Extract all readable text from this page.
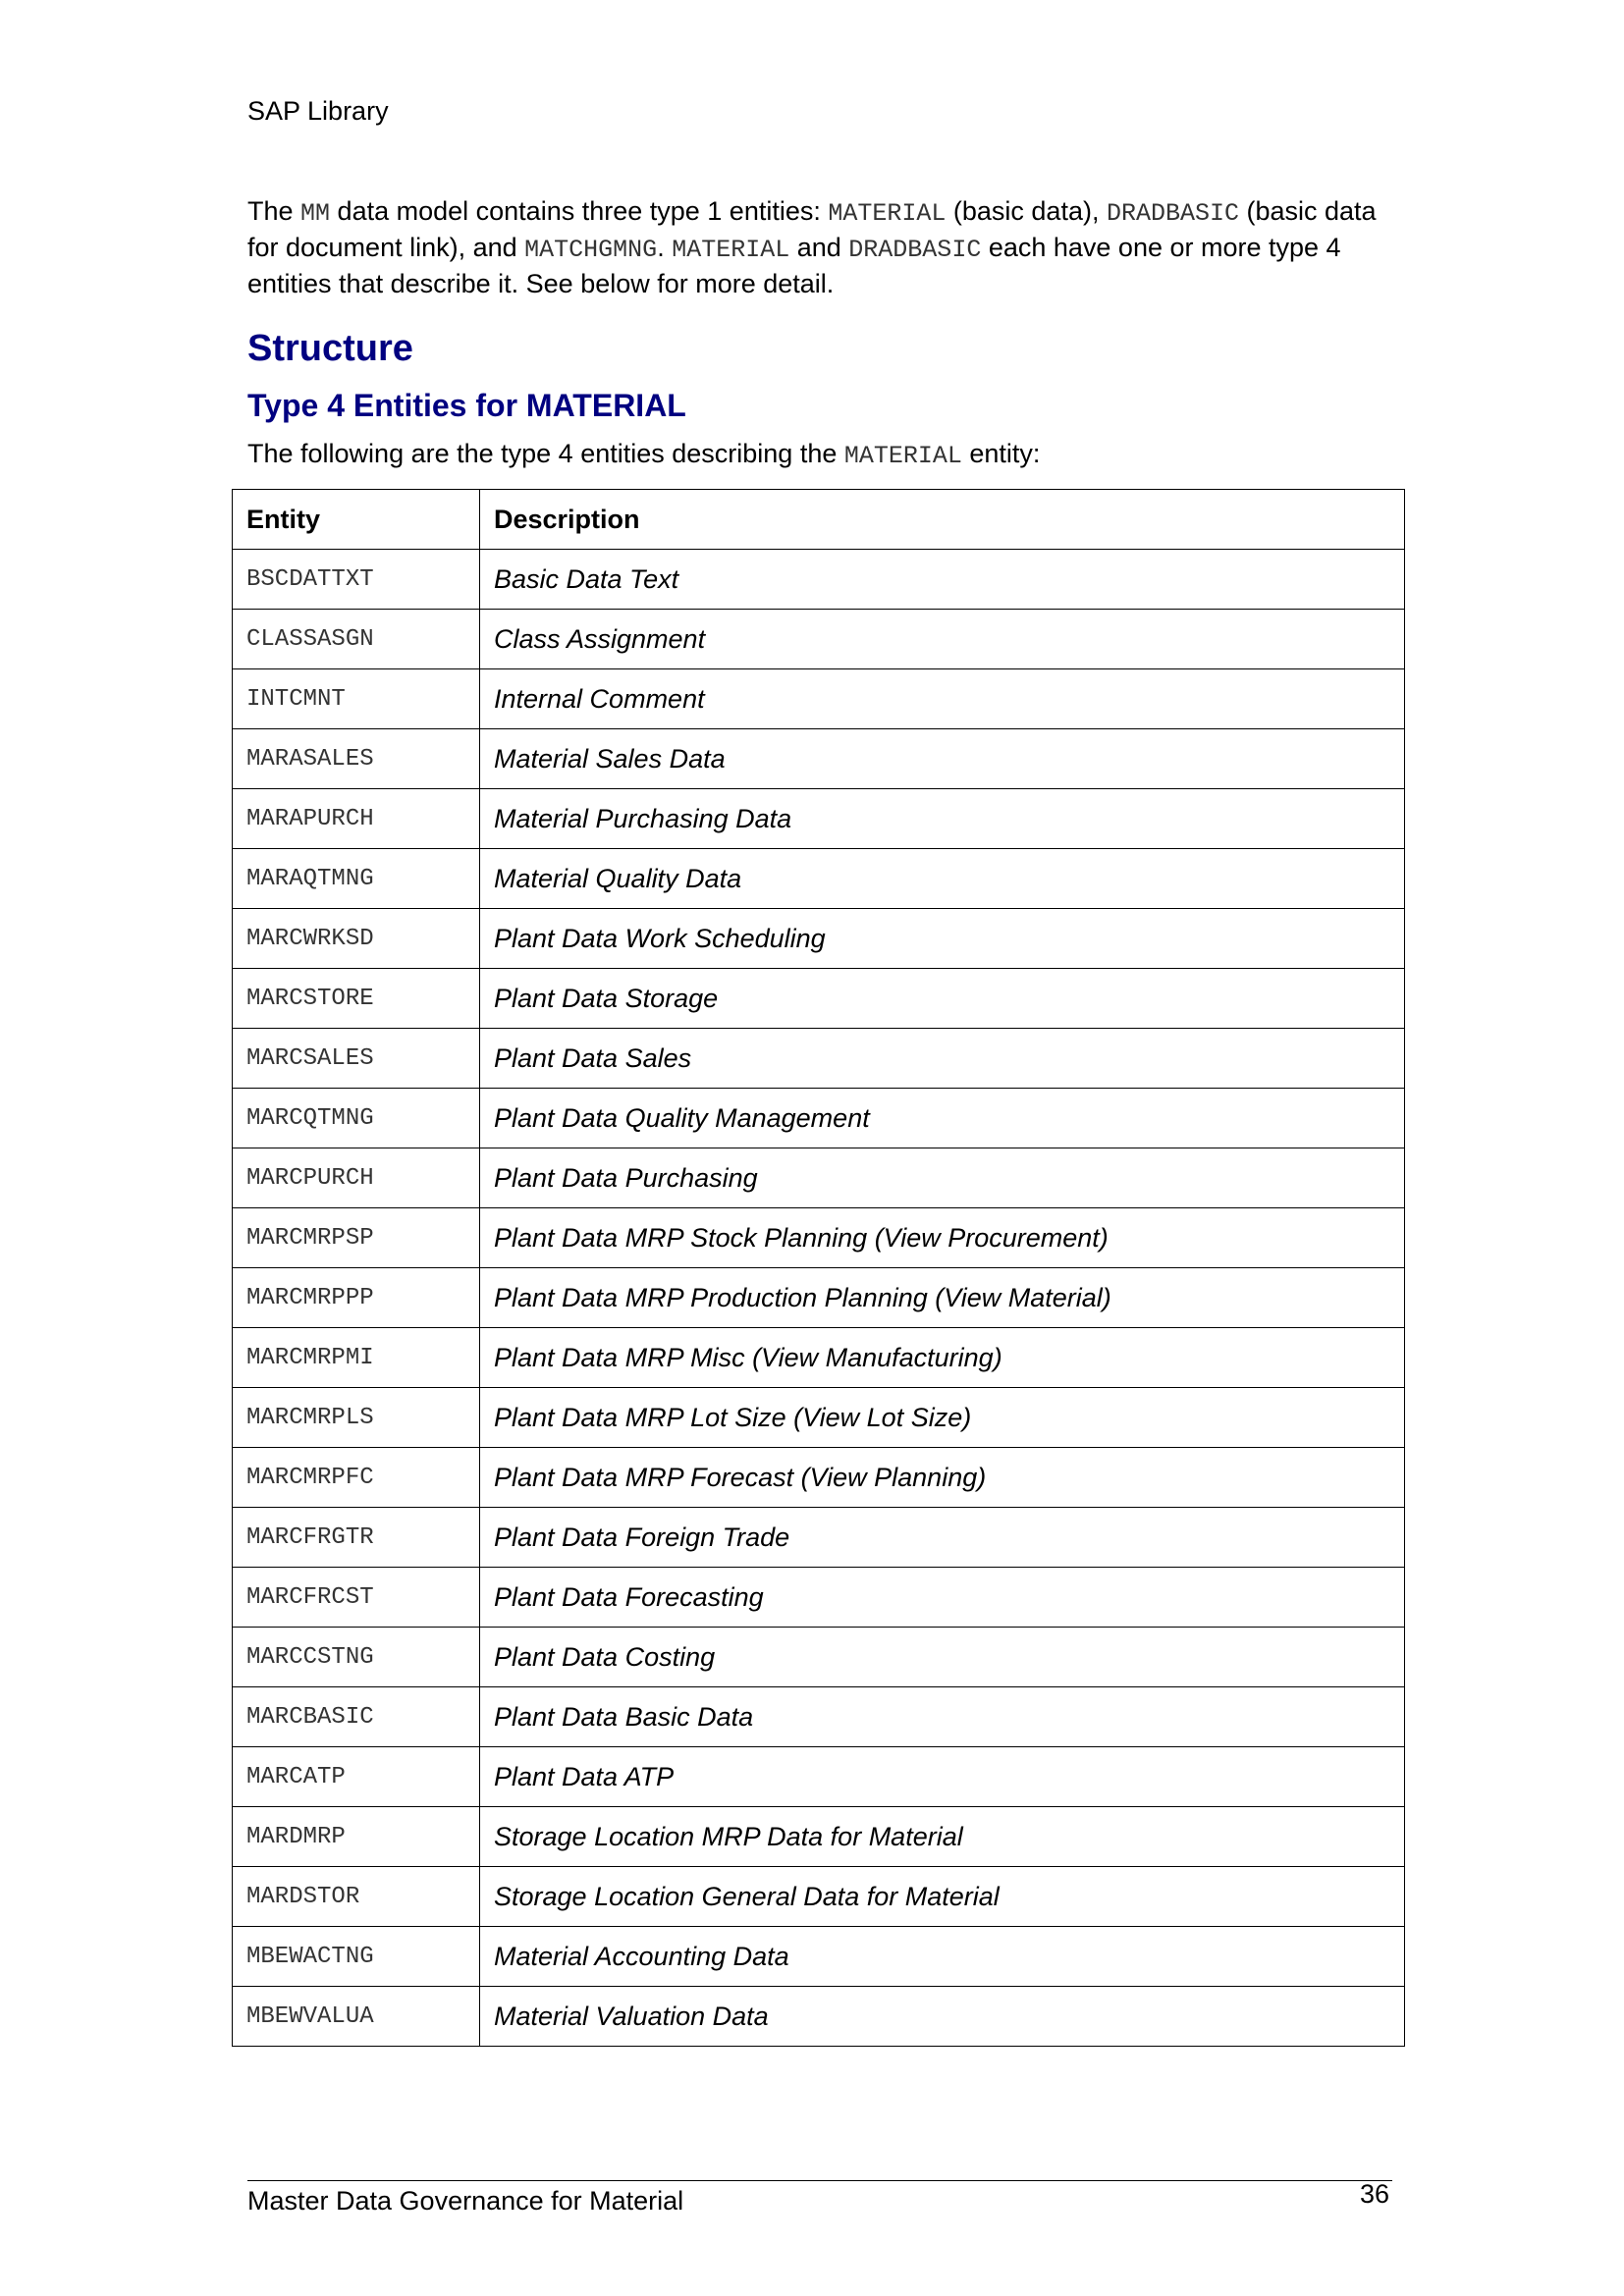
SAP Library
The MM data model contains three type 1 entities: MATERIAL (basic data), DRADBASIC (basic data for document link), and MATCHGMNG. MATERIAL and DRADBASIC each have one or more type 4 entities that describe it. See below for more detail.
Structure
Type 4 Entities for MATERIAL
The following are the type 4 entities describing the MATERIAL entity:
Entity	Description
BSCDATTXT	Basic Data Text
CLASSASGN	Class Assignment
INTCMNT	Internal Comment
MARASALES	Material Sales Data
MARAPURCH	Material Purchasing Data
MARAQTMNG	Material Quality Data
MARCWRKSD	Plant Data Work Scheduling
MARCSTORE	Plant Data Storage
MARCSALES	Plant Data Sales
MARCQTMNG	Plant Data Quality Management
MARCPURCH	Plant Data Purchasing
MARCMRPSP	Plant Data MRP Stock Planning (View Procurement)
MARCMRPPP	Plant Data MRP Production Planning (View Material)
MARCMRPMI	Plant Data MRP Misc (View Manufacturing)
MARCMRPLS	Plant Data MRP Lot Size (View Lot Size)
MARCMRPFC	Plant Data MRP Forecast (View Planning)
MARCFRGTR	Plant Data Foreign Trade
MARCFRCST	Plant Data Forecasting
MARCCSTNG	Plant Data Costing
MARCBASIC	Plant Data Basic Data
MARCATP	Plant Data ATP
MARDMRP	Storage Location MRP Data for Material
MARDSTOR	Storage Location General Data for Material
MBEWACTNG	Material Accounting Data
MBEWVALUA	Material Valuation Data
Master Data Governance for Material	36
